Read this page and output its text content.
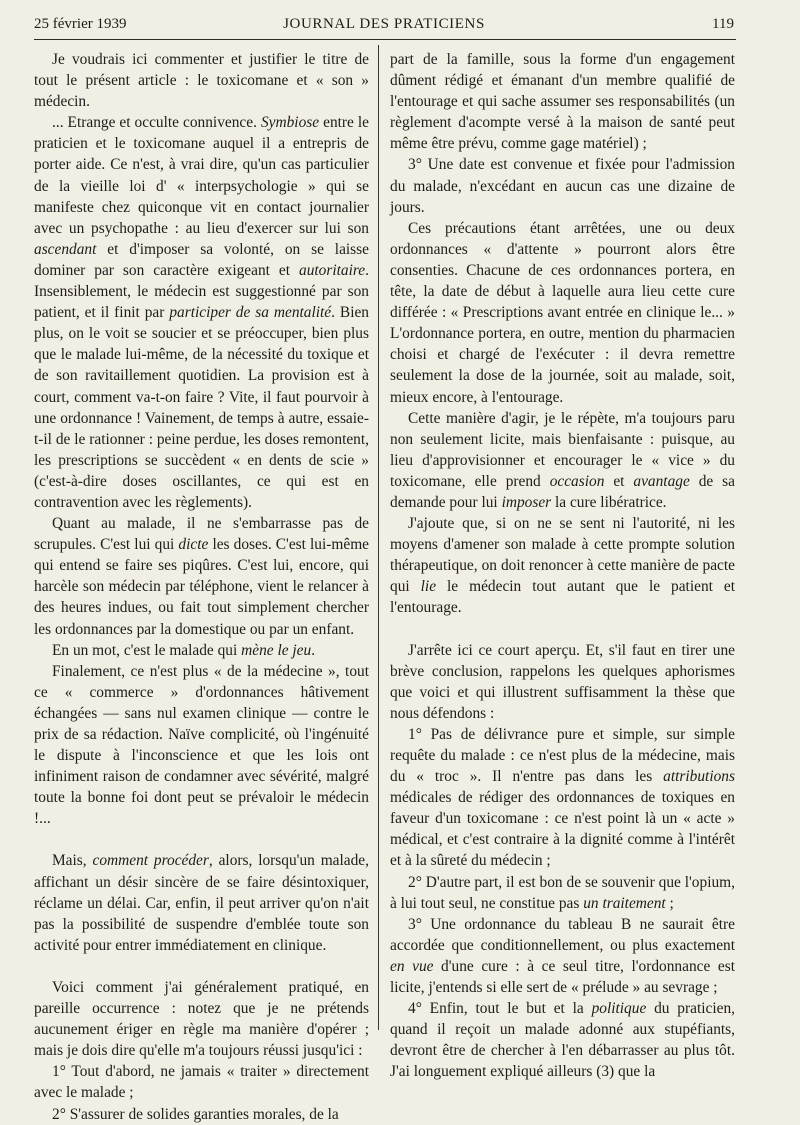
25 février 1939	JOURNAL DES PRATICIENS	119

Je voudrais ici commenter et justifier le titre de tout le présent article : le toxicomane et « son » médecin.

... Etrange et occulte connivence. Symbiose entre le praticien et le toxicomane auquel il a entrepris de porter aide. Ce n'est, à vrai dire, qu'un cas particulier de la vieille loi d' « interpsychologie » qui se manifeste chez quiconque vit en contact journalier avec un psychopathe : au lieu d'exercer sur lui son ascendant et d'imposer sa volonté, on se laisse dominer par son caractère exigeant et autoritaire. Insensiblement, le médecin est suggestionné par son patient, et il finit par participer de sa mentalité. Bien plus, on le voit se soucier et se préoccuper, bien plus que le malade lui-même, de la nécessité du toxique et de son ravitaillement quotidien. La provision est à court, comment va-t-on faire ? Vite, il faut pourvoir à une ordonnance ! Vainement, de temps à autre, essaie-t-il de le rationner : peine perdue, les doses remontent, les prescriptions se succèdent « en dents de scie » (c'est-à-dire doses oscillantes, ce qui est en contravention avec les règlements).

Quant au malade, il ne s'embarrasse pas de scrupules. C'est lui qui dicte les doses. C'est lui-même qui entend se faire ses piqûres. C'est lui, encore, qui harcèle son médecin par téléphone, vient le relancer à des heures indues, ou fait tout simplement chercher les ordonnances par la domestique ou par un enfant.

En un mot, c'est le malade qui mène le jeu.

Finalement, ce n'est plus « de la médecine », tout ce « commerce » d'ordonnances hâtivement échangées — sans nul examen clinique — contre le prix de sa rédaction. Naïve complicité, où l'ingénuité le dispute à l'inconscience et que les lois ont infiniment raison de condamner avec sévérité, malgré toute la bonne foi dont peut se prévaloir le médecin !...

Mais, comment procéder, alors, lorsqu'un malade, affichant un désir sincère de se faire désintoxiquer, réclame un délai. Car, enfin, il peut arriver qu'on n'ait pas la possibilité de suspendre d'emblée toute son activité pour entrer immédiatement en clinique.

Voici comment j'ai généralement pratiqué, en pareille occurrence : notez que je ne prétends aucunement ériger en règle ma manière d'opérer ; mais je dois dire qu'elle m'a toujours réussi jusqu'ici :

1° Tout d'abord, ne jamais « traiter » directement avec le malade ;

2° S'assurer de solides garanties morales, de la

part de la famille, sous la forme d'un engagement dûment rédigé et émanant d'un membre qualifié de l'entourage et qui sache assumer ses responsabilités (un règlement d'acompte versé à la maison de santé peut même être prévu, comme gage matériel) ;

3° Une date est convenue et fixée pour l'admission du malade, n'excédant en aucun cas une dizaine de jours.

Ces précautions étant arrêtées, une ou deux ordonnances « d'attente » pourront alors être consenties. Chacune de ces ordonnances portera, en tête, la date de début à laquelle aura lieu cette cure différée : « Prescriptions avant entrée en clinique le... » L'ordonnance portera, en outre, mention du pharmacien choisi et chargé de l'exécuter : il devra remettre seulement la dose de la journée, soit au malade, soit, mieux encore, à l'entourage.

Cette manière d'agir, je le répète, m'a toujours paru non seulement licite, mais bienfaisante : puisque, au lieu d'approvisionner et encourager le « vice » du toxicomane, elle prend occasion et avantage de sa demande pour lui imposer la cure libératrice.

J'ajoute que, si on ne se sent ni l'autorité, ni les moyens d'amener son malade à cette prompte solution thérapeutique, on doit renoncer à cette manière de pacte qui lie le médecin tout autant que le patient et l'entourage.

J'arrête ici ce court aperçu. Et, s'il faut en tirer une brève conclusion, rappelons les quelques aphorismes que voici et qui illustrent suffisamment la thèse que nous défendons :

1° Pas de délivrance pure et simple, sur simple requête du malade : ce n'est plus de la médecine, mais du « troc ». Il n'entre pas dans les attributions médicales de rédiger des ordonnances de toxiques en faveur d'un toxicomane : ce n'est point là un « acte » médical, et c'est contraire à la dignité comme à l'intérêt et à la sûreté du médecin ;

2° D'autre part, il est bon de se souvenir que l'opium, à lui tout seul, ne constitue pas un traitement ;

3° Une ordonnance du tableau B ne saurait être accordée que conditionnellement, ou plus exactement en vue d'une cure : à ce seul titre, l'ordonnance est licite, j'entends si elle sert de « prélude » au sevrage ;

4° Enfin, tout le but et la politique du praticien, quand il reçoit un malade adonné aux stupéfiants, devront être de chercher à l'en débarrasser au plus tôt. J'ai longuement expliqué ailleurs (3) que la
